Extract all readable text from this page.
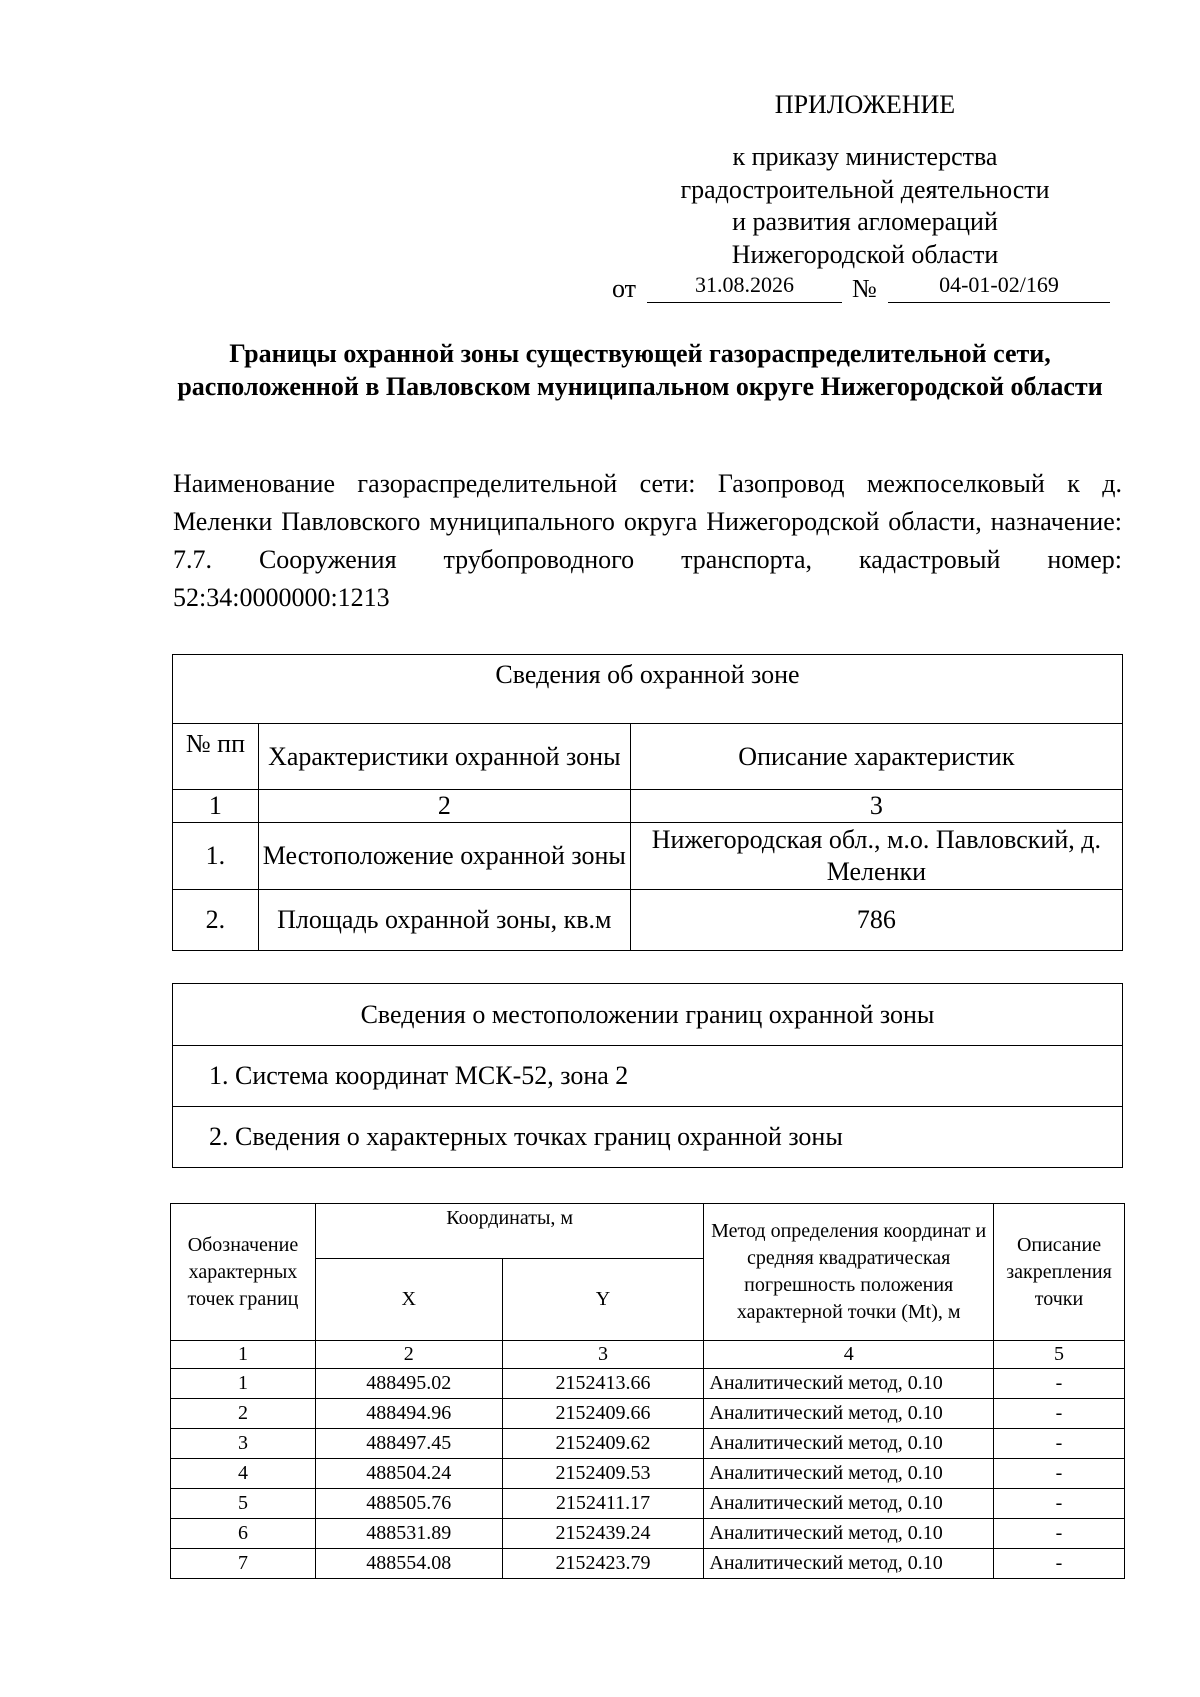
ПРИЛОЖЕНИЕ
к приказу министерства
градостроительной деятельности
и развития агломераций
Нижегородской области
от	31.08.2026	№	04-01-02/169
Границы охранной зоны существующей газораспределительной сети, расположенной в Павловском муниципальном округе Нижегородской области
Наименование газораспределительной сети: Газопровод межпоселковый к д. Меленки Павловского муниципального округа Нижегородской области, назначение: 7.7. Сооружения трубопроводного транспорта, кадастровый номер: 52:34:0000000:1213
Сведения об охранной зоне		
№ пп	Характеристики охранной зоны	Описание характеристик
1	2	3
1.	Местоположение охранной зоны	Нижегородская обл., м.о. Павловский, д. Меленки
2.	Площадь охранной зоны, кв.м	786
Сведения о местоположении границ охранной зоны
1. Система координат МСК-52, зона 2
2. Сведения о характерных точках границ охранной зоны
Обозначение характерных точек границ	Координаты, м		Метод определения координат и средняя квадратическая погрешность положения характерной точки (Mt), м	Описание закрепления точки
	X	Y		
1	2	3	4	5
1	488495.02	2152413.66	Аналитический метод, 0.10	-
2	488494.96	2152409.66	Аналитический метод, 0.10	-
3	488497.45	2152409.62	Аналитический метод, 0.10	-
4	488504.24	2152409.53	Аналитический метод, 0.10	-
5	488505.76	2152411.17	Аналитический метод, 0.10	-
6	488531.89	2152439.24	Аналитический метод, 0.10	-
7	488554.08	2152423.79	Аналитический метод, 0.10	-
